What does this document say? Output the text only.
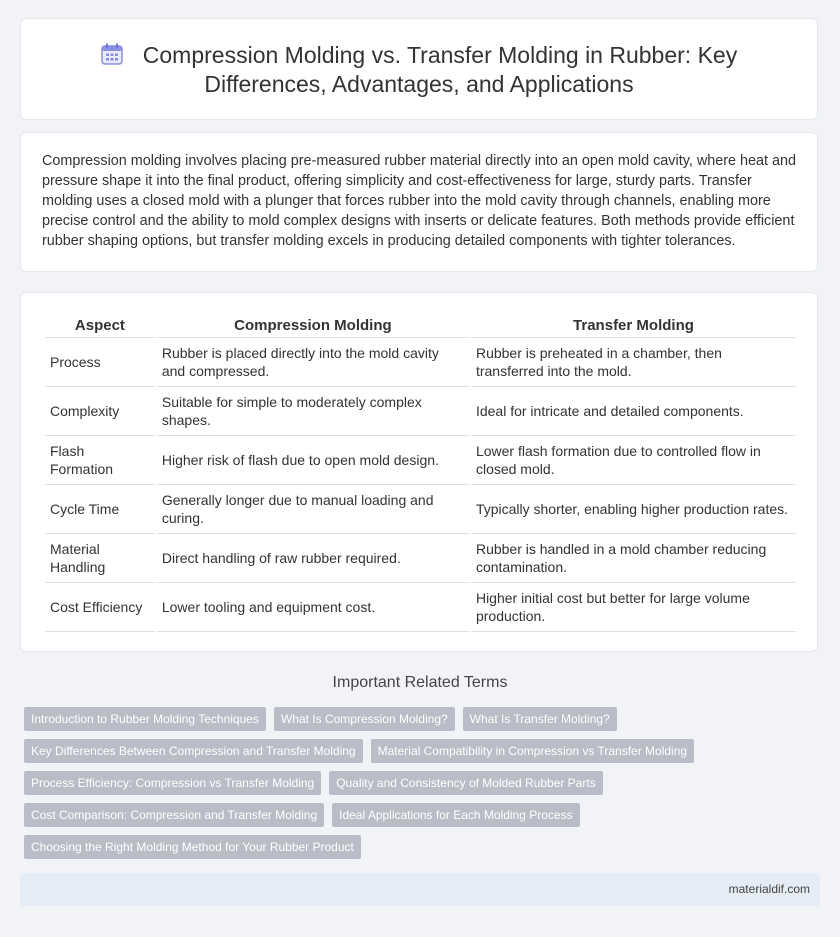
Compression Molding vs. Transfer Molding in Rubber: Key Differences, Advantages, and Applications
Compression molding involves placing pre-measured rubber material directly into an open mold cavity, where heat and pressure shape it into the final product, offering simplicity and cost-effectiveness for large, sturdy parts. Transfer molding uses a closed mold with a plunger that forces rubber into the mold cavity through channels, enabling more precise control and the ability to mold complex designs with inserts or delicate features. Both methods provide efficient rubber shaping options, but transfer molding excels in producing detailed components with tighter tolerances.
Aspect	Compression Molding	Transfer Molding
Process	Rubber is placed directly into the mold cavity and compressed.	Rubber is preheated in a chamber, then transferred into the mold.
Complexity	Suitable for simple to moderately complex shapes.	Ideal for intricate and detailed components.
Flash Formation	Higher risk of flash due to open mold design.	Lower flash formation due to controlled flow in closed mold.
Cycle Time	Generally longer due to manual loading and curing.	Typically shorter, enabling higher production rates.
Material Handling	Direct handling of raw rubber required.	Rubber is handled in a mold chamber reducing contamination.
Cost Efficiency	Lower tooling and equipment cost.	Higher initial cost but better for large volume production.
Important Related Terms
Introduction to Rubber Molding Techniques	What Is Compression Molding?	What Is Transfer Molding?
Key Differences Between Compression and Transfer Molding	Material Compatibility in Compression vs Transfer Molding
Process Efficiency: Compression vs Transfer Molding	Quality and Consistency of Molded Rubber Parts
Cost Comparison: Compression and Transfer Molding	Ideal Applications for Each Molding Process
Choosing the Right Molding Method for Your Rubber Product
materialdif.com
